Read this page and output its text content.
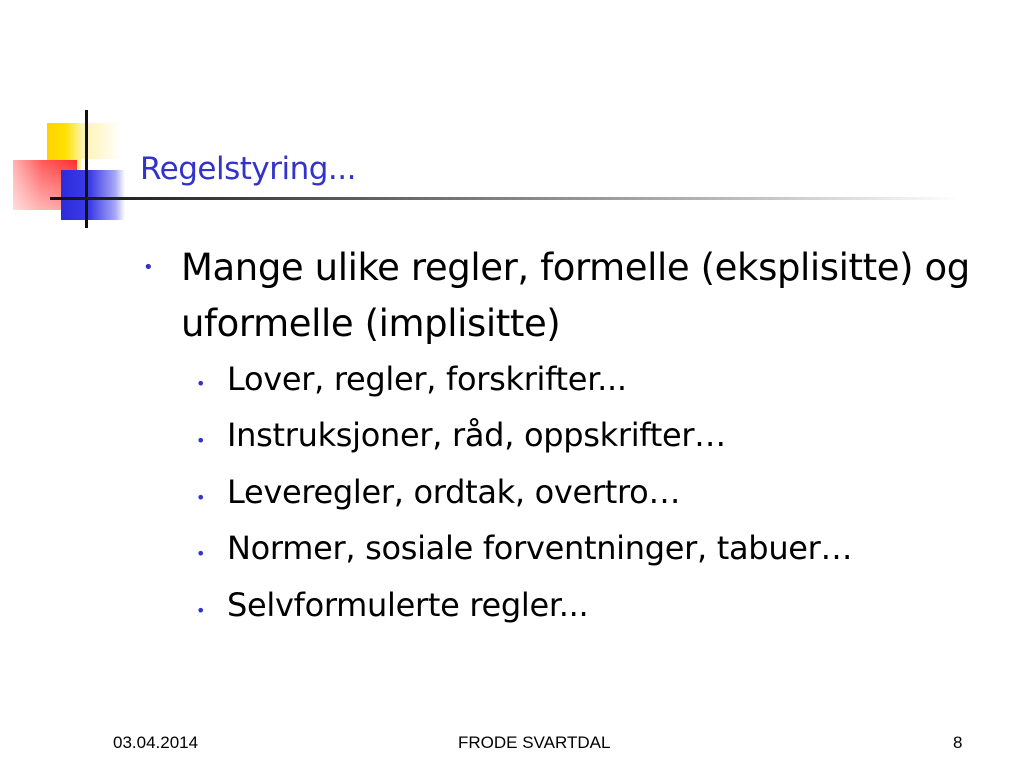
Regelstyring...
• Mange ulike regler, formelle (eksplisitte) og uformelle (implisitte)
• Lover, regler, forskrifter...
• Instruksjoner, råd, oppskrifter…
• Leveregler, ordtak, overtro…
• Normer, sosiale forventninger, tabuer…
• Selvformulerte regler...
03.04.2014	FRODE SVARTDAL	8
